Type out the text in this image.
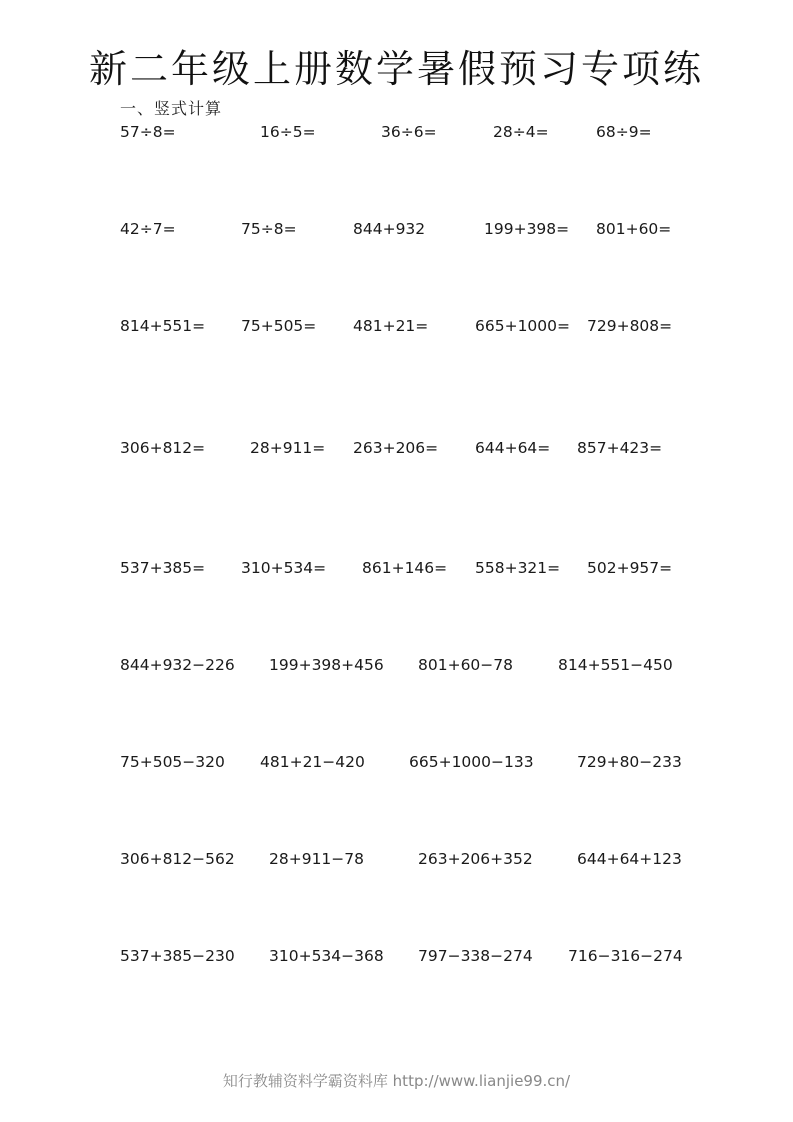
新二年级上册数学暑假预习专项练
一、竖式计算
57÷8=	16÷5=	36÷6=	28÷4=	68÷9=
42÷7=	75÷8=	844+932	199+398= 801+60=
814+551= 75+505= 481+21=	665+1000= 729+808=
306+812=	28+911= 263+206= 644+64= 857+423=
537+385= 310+534= 861+146= 558+321= 502+957=
844+932−226 199+398+456 801+60−78	814+551−450
75+505−320 481+21−420	665+1000−133	729+80−233
306+812−562 28+911−78	263+206+352	644+64+123
537+385−230 310+534−368 797−338−274 716−316−274
知行教辅资料学霸资料库 http://www.lianjie99.cn/
